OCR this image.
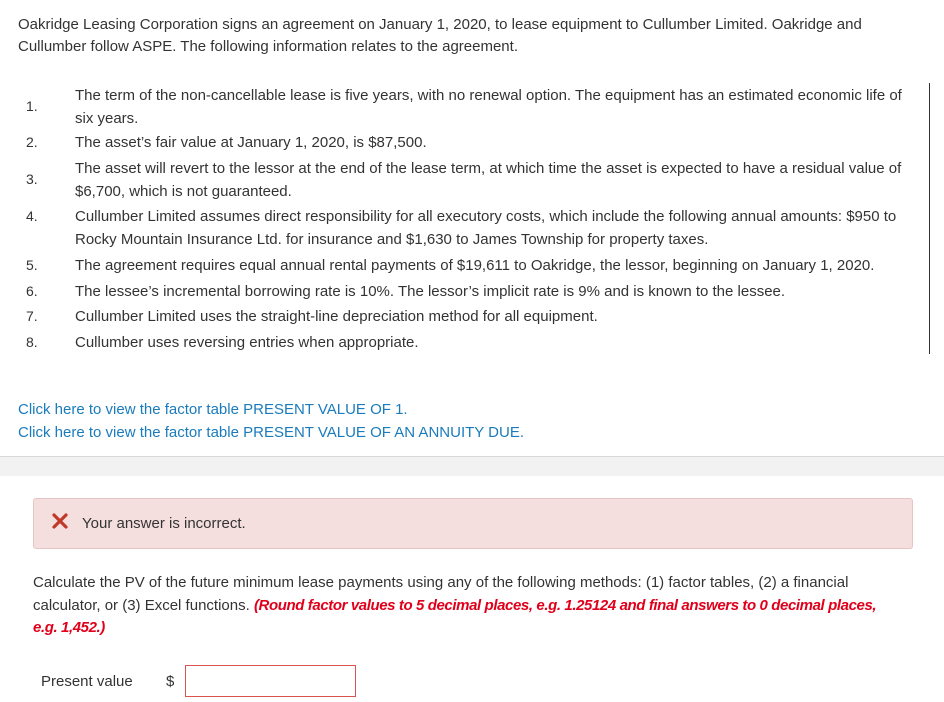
Oakridge Leasing Corporation signs an agreement on January 1, 2020, to lease equipment to Cullumber Limited. Oakridge and Cullumber follow ASPE. The following information relates to the agreement.
1.
The term of the non-cancellable lease is five years, with no renewal option. The equipment has an estimated economic life of six years.
2. The asset’s fair value at January 1, 2020, is $87,500.
3.
The asset will revert to the lessor at the end of the lease term, at which time the asset is expected to have a residual value of $6,700, which is not guaranteed.
4. Cullumber Limited assumes direct responsibility for all executory costs, which include the following annual amounts: $950 to Rocky Mountain Insurance Ltd. for insurance and $1,630 to James Township for property taxes.
5. The agreement requires equal annual rental payments of $19,611 to Oakridge, the lessor, beginning on January 1, 2020.
6. The lessee’s incremental borrowing rate is 10%. The lessor’s implicit rate is 9% and is known to the lessee.
7. Cullumber Limited uses the straight-line depreciation method for all equipment.
8. Cullumber uses reversing entries when appropriate.
Click here to view the factor table PRESENT VALUE OF 1.
Click here to view the factor table PRESENT VALUE OF AN ANNUITY DUE.
Your answer is incorrect.
Calculate the PV of the future minimum lease payments using any of the following methods: (1) factor tables, (2) a financial calculator, or (3) Excel functions. (Round factor values to 5 decimal places, e.g. 1.25124 and final answers to 0 decimal places, e.g. 1,452.)
Present value $
